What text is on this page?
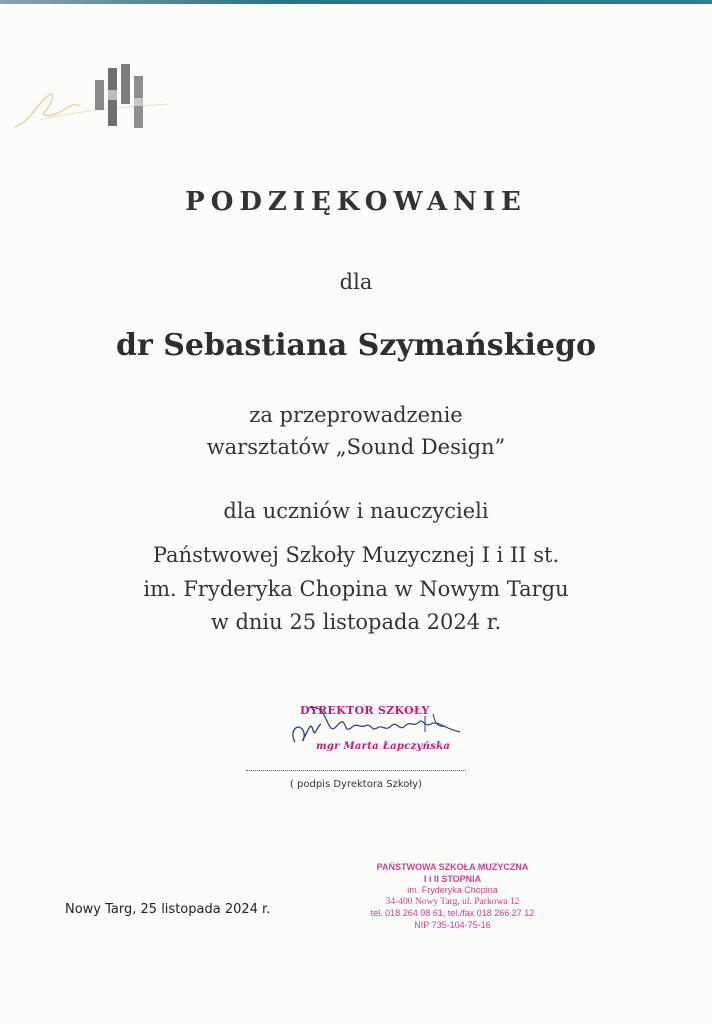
PODZIĘKOWANIE
dla
dr Sebastiana Szymańskiego
za przeprowadzenie
warsztatów „Sound Design”
dla uczniów i nauczycieli
Państwowej Szkoły Muzycznej I i II st.
im. Fryderyka Chopina w Nowym Targu
w dniu 25 listopada 2024 r.
DYREKTOR SZKOŁY
mgr Marta Łapczyńska
( podpis Dyrektora Szkoły)
Nowy Targ, 25 listopada 2024 r.
PAŃSTWOWA SZKOŁA MUZYCZNA
I i II STOPNIA
im. Fryderyka Chopina
34-400 Nowy Targ, ul. Parkowa 12
tel. 018 264 98 61, tel./fax 018 266 27 12
NIP 735-104-75-16
